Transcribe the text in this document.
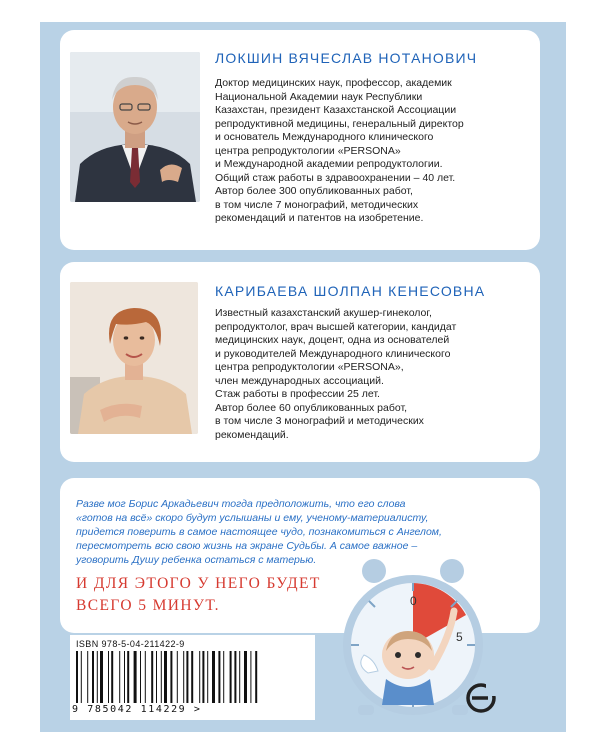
ЛОКШИН ВЯЧЕСЛАВ НОТАНОВИЧ
Доктор медицинских наук, профессор, академик
Национальной Академии наук Республики
Казахстан, президент Казахстанской Ассоциации
репродуктивной медицины, генеральный директор
и основатель Международного клинического
центра репродуктологии «PERSONA»
и Международной академии репродуктологии.
Общий стаж работы в здравоохранении – 40 лет.
Автор более 300 опубликованных работ,
в том числе 7 монографий, методических
рекомендаций и патентов на изобретение.
КАРИБАЕВА ШОЛПАН КЕНЕСОВНА
Известный казахстанский акушер-гинеколог,
репродуктолог, врач высшей категории, кандидат
медицинских наук, доцент, одна из основателей
и руководителей Международного клинического
центра репродуктологии «PERSONA»,
член международных ассоциаций.
Стаж работы в профессии 25 лет.
Автор более 60 опубликованных работ,
в том числе 3 монографий и методических
рекомендаций.
Разве мог Борис Аркадьевич тогда предположить, что его слова
«готов на всё» скоро будут услышаны и ему, ученому-материалисту,
придется поверить в самое настоящее чудо, познакомиться с Ангелом,
пересмотреть всю свою жизнь на экране Судьбы. А самое важное –
уговорить Душу ребенка остаться с матерью.
И ДЛЯ ЭТОГО У НЕГО БУДЕТ
ВСЕГО 5 МИНУТ.	0
5
ISBN 978-5-04-211422-9
9 785042 114229 >
